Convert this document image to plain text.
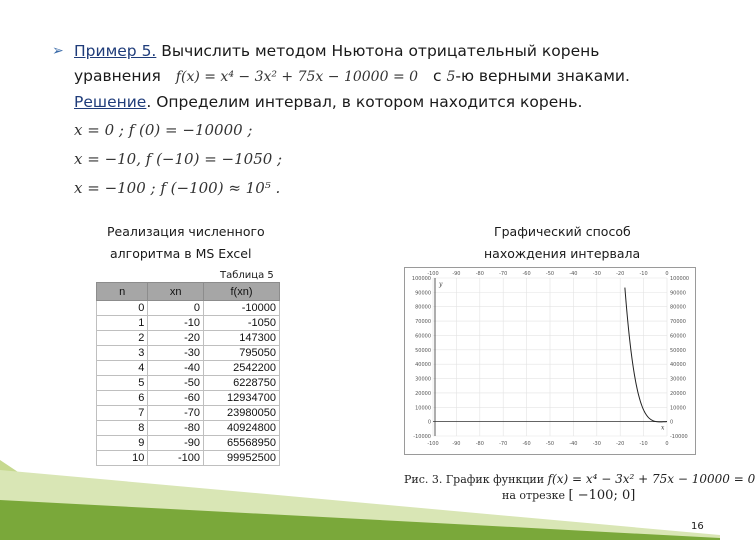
➢ Пример 5. Вычислить методом Ньютона отрицательный корень
уравнения f(x) = x⁴ − 3x² + 75x − 10000 = 0 с 5-ю верными знаками.
Решение. Определим интервал, в котором находится корень.
x = 0 ; f (0) = −10000 ;
x = −10, f (−10) = −1050 ;
x = −100 ; f (−100) ≈ 10⁵ .
Реализация численного
алгоритма в MS Excel
Таблица 5
Графический способ
нахождения интервала
n	xn	f(xn)
0	0	-10000
1	-10	-1050
2	-20	147300
3	-30	795050
4	-40	2542200
5	-50	6228750
6	-60	12934700
7	-70	23980050
8	-80	40924800
9	-90	65568950
10	-100	99952500
100000	100000
90000	90000
80000	80000
70000	70000
60000	60000
50000	50000
40000	40000
30000	30000
20000	20000
10000	10000
0	0
-10000	-10000
-100
-100
-90
-90
-80
-80
-70
-70
-60
-60
-50
-50
-40
-40
-30
-30
-20
-20
-10
-10
0
0
y
x
Рис. 3. График функции f(x) = x⁴ − 3x² + 75x − 10000 = 0
на отрезке [ −100; 0]
16
